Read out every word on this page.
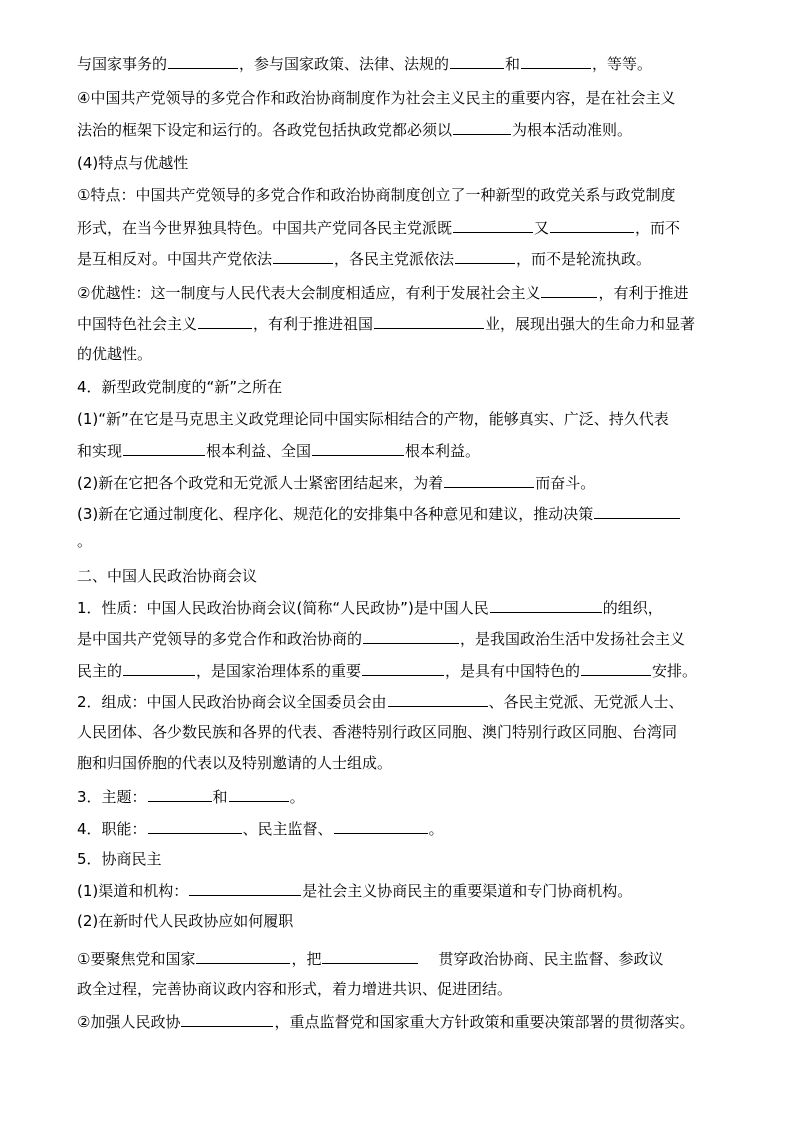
与国家事务的	，参与国家政策、法律、法规的	和	，等等。
④中国共产党领导的多党合作和政治协商制度作为社会主义民主的重要内容，是在社会主义
法治的框架下设定和运行的。各政党包括执政党都必须以	为根本活动准则。
(4)特点与优越性
①特点：中国共产党领导的多党合作和政治协商制度创立了一种新型的政党关系与政党制度
形式，在当今世界独具特色。中国共产党同各民主党派既	又	，而不
是互相反对。中国共产党依法	，各民主党派依法	，而不是轮流执政。
②优越性：这一制度与人民代表大会制度相适应，有利于发展社会主义	，有利于推进
中国特色社会主义	，有利于推进祖国	业，展现出强大的生命力和显著
的优越性。
4．新型政党制度的“新”之所在
(1)“新”在它是马克思主义政党理论同中国实际相结合的产物，能够真实、广泛、持久代表
和实现	根本利益、全国	根本利益。
(2)新在它把各个政党和无党派人士紧密团结起来，为着	而奋斗。
(3)新在它通过制度化、程序化、规范化的安排集中各种意见和建议，推动决策
。
二、中国人民政治协商会议
1．性质：中国人民政治协商会议(简称“人民政协”)是中国人民	的组织，
是中国共产党领导的多党合作和政治协商的	，是我国政治生活中发扬社会主义
民主的	，是国家治理体系的重要	，是具有中国特色的	安排。
2．组成：中国人民政治协商会议全国委员会由	、各民主党派、无党派人士、
人民团体、各少数民族和各界的代表、香港特别行政区同胞、澳门特别行政区同胞、台湾同
胞和归国侨胞的代表以及特别邀请的人士组成。
3．主题：	和	。
4．职能：	、民主监督、	。
5．协商民主
(1)渠道和机构：	是社会主义协商民主的重要渠道和专门协商机构。
(2)在新时代人民政协应如何履职
①要聚焦党和国家	，把	贯穿政治协商、民主监督、参政议
政全过程，完善协商议政内容和形式，着力增进共识、促进团结。
②加强人民政协	，重点监督党和国家重大方针政策和重要决策部署的贯彻落实。
